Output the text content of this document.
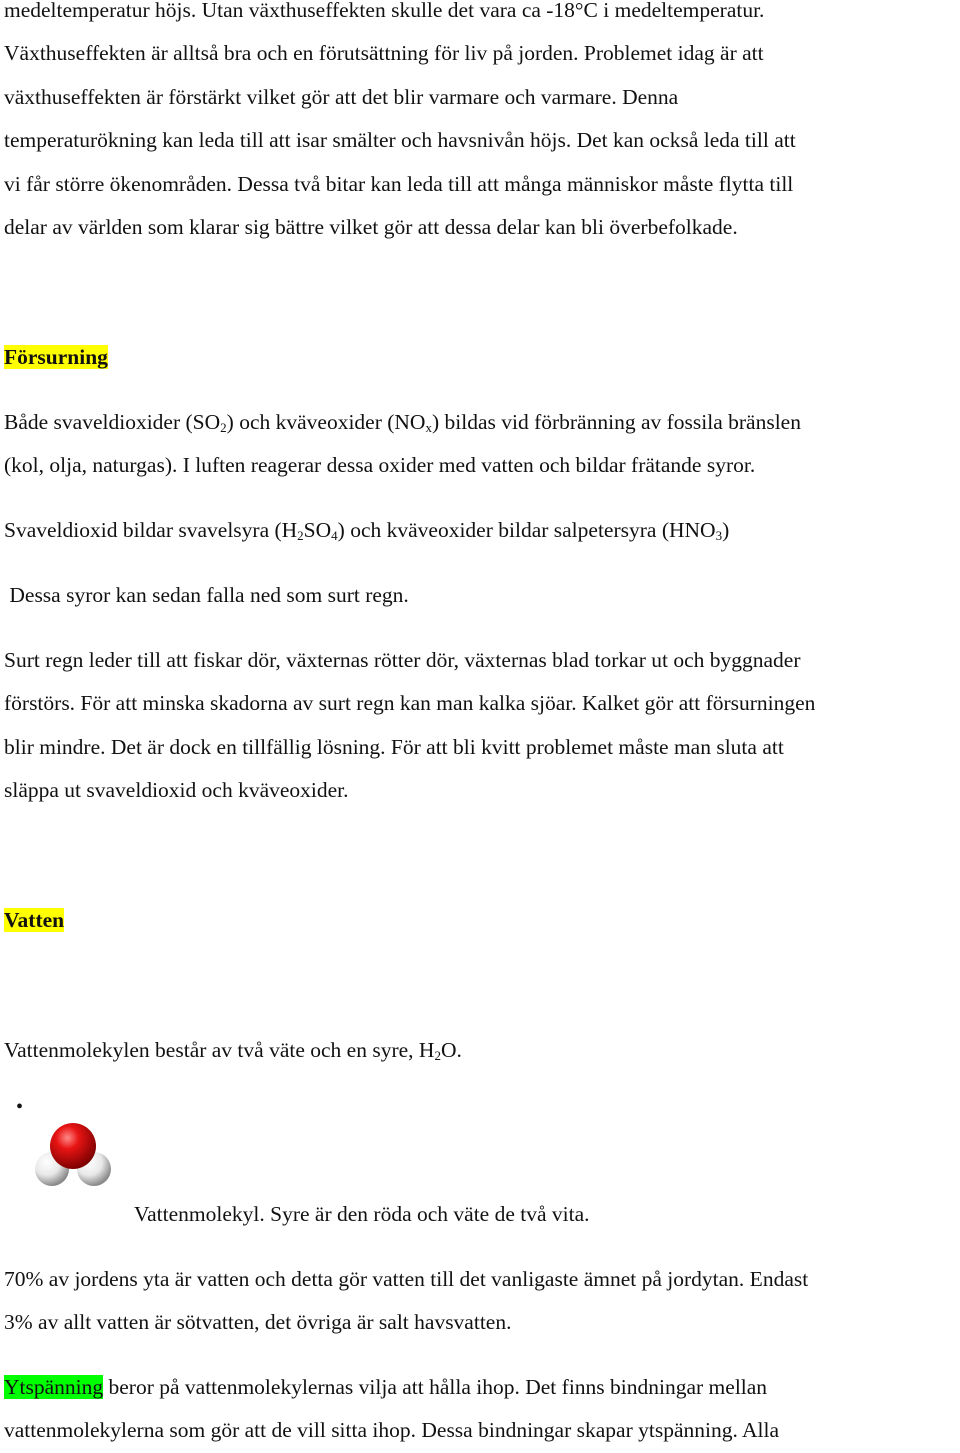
medeltemperatur höjs. Utan växthuseffekten skulle det vara ca -18°C i medeltemperatur.

Växthuseffekten är alltså bra och en förutsättning för liv på jorden. Problemet idag är att

växthuseffekten är förstärkt vilket gör att det blir varmare och varmare. Denna

temperaturökning kan leda till att isar smälter och havsnivån höjs. Det kan också leda till att

vi får större ökenområden. Dessa två bitar kan leda till att många människor måste flytta till

delar av världen som klarar sig bättre vilket gör att dessa delar kan bli överbefolkade.

Försurning

Både svaveldioxider $(SO_2)$ och kväveoxider $(NO_x)$ bildas vid förbränning av fossila bränslen

(kol, olja, naturgas). I luften reagerar dessa oxider med vatten och bildar frätande syror.

Svaveldioxid bildar svavelsyra $(H_2SO_4)$ och kväveoxider bildar salpetersyra $(HNO_3)$

Dessa syror kan sedan falla ned som surt regn.

Surt regn leder till att fiskar dör, växternas rötter dör, växternas blad torkar ut och byggnader

förstörs. För att minska skadorna av surt regn kan man kalka sjöar. Kalket gör att försurningen

blir mindre. Det är dock en tillfällig lösning. För att bli kvitt problemet måste man sluta att

släppa ut svaveldioxid och kväveoxider.

Vatten

Vattenmolekylen består av två väte och en syre, $H_2O$.

•

Vattenmolekyl. Syre är den röda och väte de två vita.

70% av jordens yta är vatten och detta gör vatten till det vanligaste ämnet på jordytan. Endast

3% av allt vatten är sötvatten, det övriga är salt havsvatten.

Ytspänning beror på vattenmolekylernas vilja att hålla ihop. Det finns bindningar mellan

vattenmolekylerna som gör att de vill sitta ihop. Dessa bindningar skapar ytspänning. Alla
